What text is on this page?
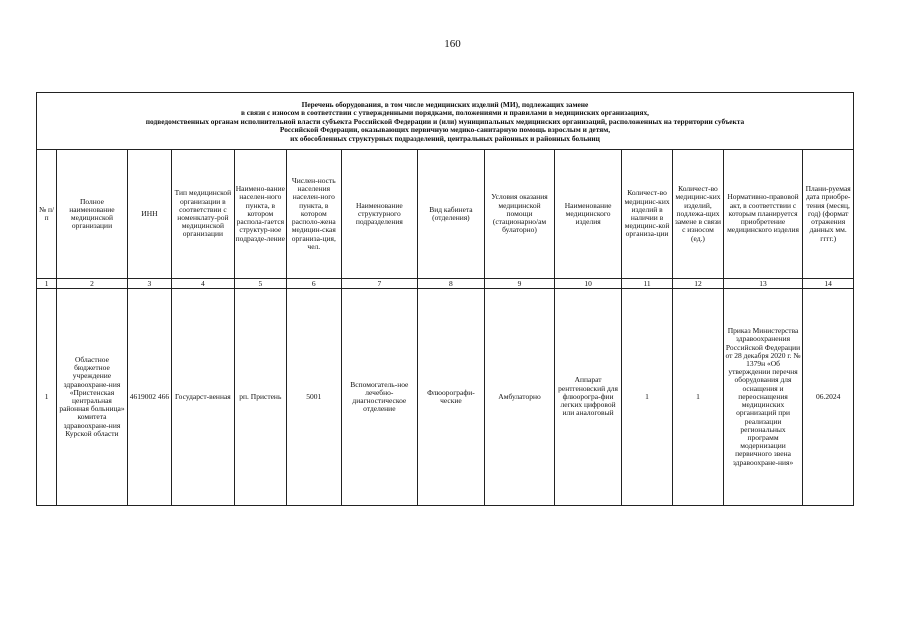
160
Перечень оборудования, в том числе медицинских изделий (МИ), подлежащих замене
в связи с износом в соответствии с утвержденными порядками, положениями и правилами в медицинских организациях,
подведомственных органам исполнительной власти субъекта Российской Федерации и (или) муниципальных медицинских организаций, расположенных на территории субъекта
Российской Федерации, оказывающих первичную медико-санитарную помощь взрослым и детям,
их обособленных структурных подразделений, центральных районных и районных больниц													

№ п/п	Полное наименование медицинской организации	ИНН	Тип медицинской организации в соответствии с номенклату-рой медицинской организации	Наимено-вание населен-ного пункта, в котором распола-гается структур-ное подразде-ление	Числен-ность населения населен-ного пункта, в котором располо-жена медицин-ская организа-ция, чел.	Наименование структурного подразделения	Вид кабинета (отделения)	Условия оказания медицинской помощи (стационарно/ам булаторно)	Наименование медицинского изделия	Количест-во медицинс-ких изделий в наличии в медицинс-кой организа-ции	Количест-во медицинс-ких изделий, подлежа-щих замене в связи с износом (ед.)	Нормативно-правовой акт, в соответствии с которым планируется приобретение медицинского изделия	Плани-руемая дата приобре-тения (месяц, год) (формат отражения данных мм. гггг.)
1	2	3	4	5	6	7	8	9	10	11	12	13	14
1	Областное бюджетное учреждение здравоохране-ния «Пристенская центральная районная больница» комитета здравоохране-ния Курской области	4619002 466	Государст-венная	рп. Пристень	5001	Вспомогатель-ное лечебно-диагностическое отделение	Флюорографи-ческие	Амбулаторно	Аппарат рентгеновский для флюорогра-фии легких цифровой или аналоговый	1	1	Приказ Министерства здравоохранения Российской Федерации от 28 декабря 2020 г. № 1379н «Об утверждении перечня оборудования для оснащения и переоснащения медицинских организаций при реализации региональных программ модернизации первичного звена здравоохране-ния»	06.2024
